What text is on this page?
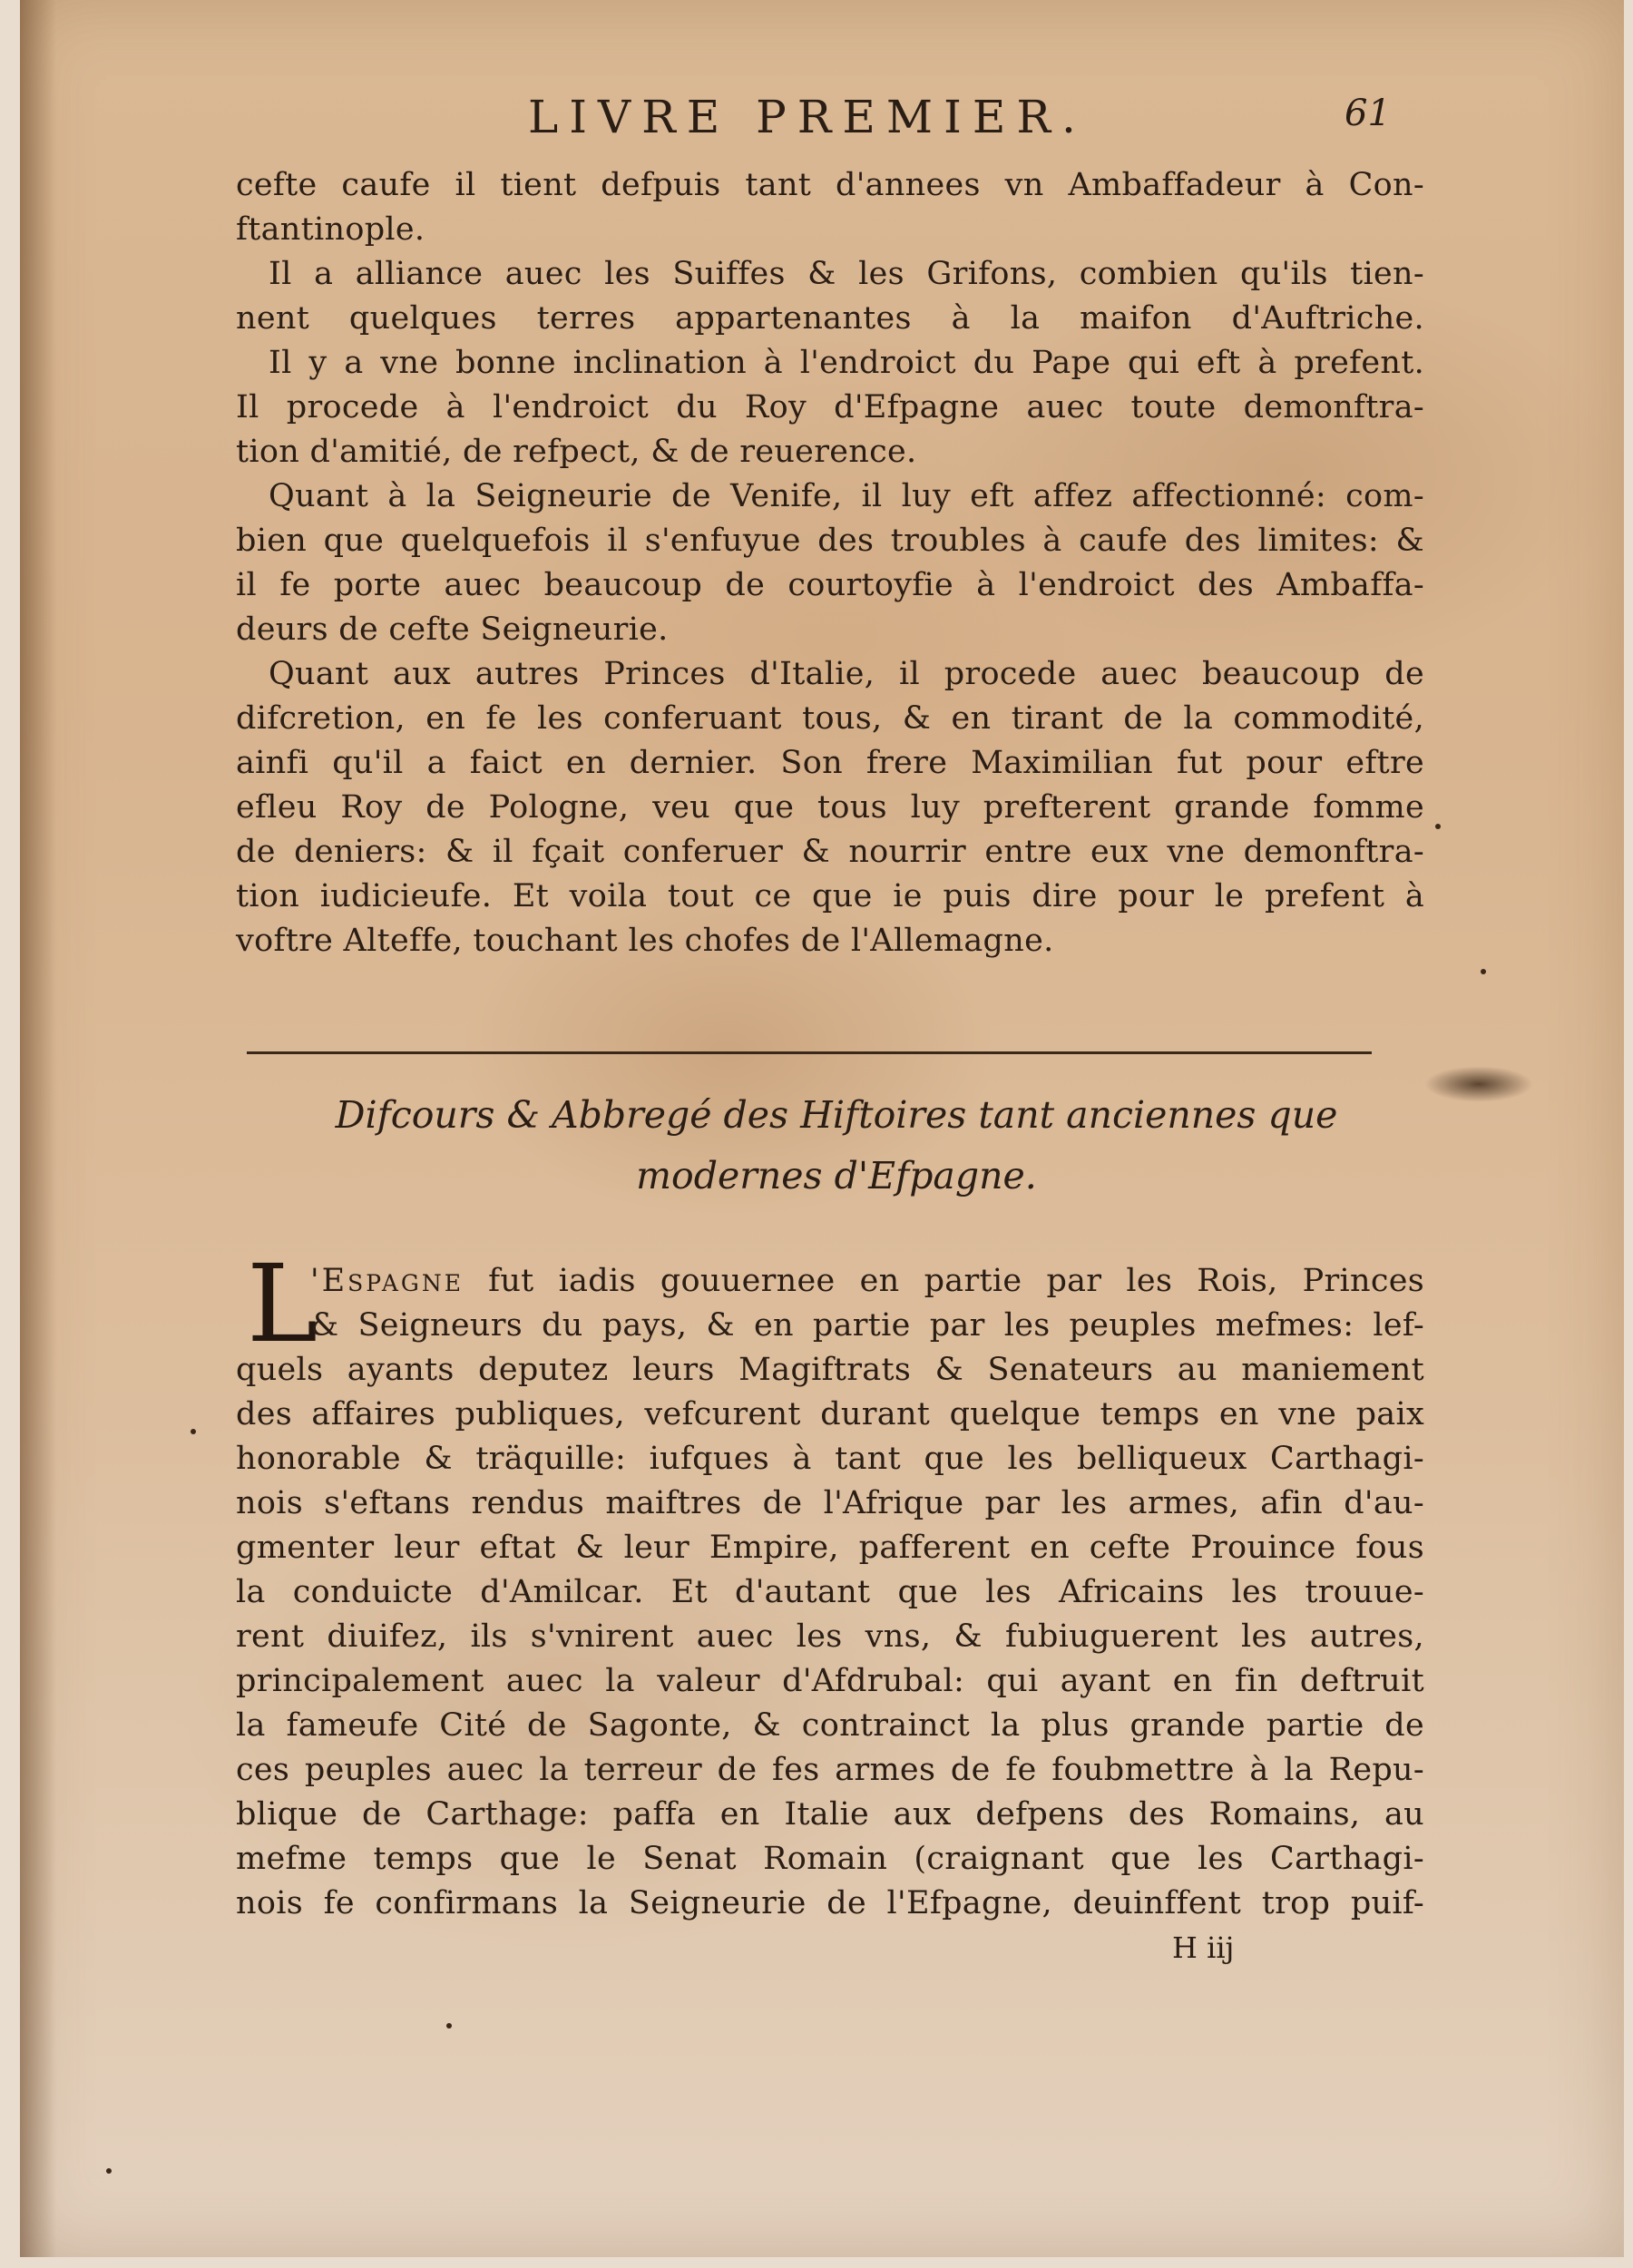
LIVRE PREMIER.	61
cefte caufe il tient defpuis tant d'annees vn Ambaffadeur à Con-
ftantinople.
Il a alliance auec les Suiffes & les Grifons, combien qu'ils tien-
nent quelques terres appartenantes à la maifon d'Auftriche.
Il y a vne bonne inclination à l'endroict du Pape qui eft à prefent.
Il procede à l'endroict du Roy d'Efpagne auec toute demonftra-
tion d'amitié, de refpect, & de reuerence.
Quant à la Seigneurie de Venife, il luy eft affez affectionné: com-
bien que quelquefois il s'enfuyue des troubles à caufe des limites: &
il fe porte auec beaucoup de courtoyfie à l'endroict des Ambaffa-
deurs de cefte Seigneurie.
Quant aux autres Princes d'Italie, il procede auec beaucoup de
difcretion, en fe les conferuant tous, & en tirant de la commodité,
ainfi qu'il a faict en dernier. Son frere Maximilian fut pour eftre
efleu Roy de Pologne, veu que tous luy prefterent grande fomme
de deniers: & il fçait conferuer & nourrir entre eux vne demonftra-
tion iudicieufe. Et voila tout ce que ie puis dire pour le prefent à
voftre Alteffe, touchant les chofes de l'Allemagne.
Difcours & Abbregé des Hiftoires tant anciennes que
modernes d'Efpagne.
L
'Espagne fut iadis gouuernee en partie par les Rois, Princes
& Seigneurs du pays, & en partie par les peuples mefmes: lef-
quels ayants deputez leurs Magiftrats & Senateurs au maniement
des affaires publiques, vefcurent durant quelque temps en vne paix
honorable & träquille: iufques à tant que les belliqueux Carthagi-
nois s'eftans rendus maiftres de l'Afrique par les armes, afin d'au-
gmenter leur eftat & leur Empire, pafferent en cefte Prouince fous
la conduicte d'Amilcar. Et d'autant que les Africains les trouue-
rent diuifez, ils s'vnirent auec les vns, & fubiuguerent les autres,
principalement auec la valeur d'Afdrubal: qui ayant en fin deftruit
la fameufe Cité de Sagonte, & contrainct la plus grande partie de
ces peuples auec la terreur de fes armes de fe foubmettre à la Repu-
blique de Carthage: paffa en Italie aux defpens des Romains, au
mefme temps que le Senat Romain (craignant que les Carthagi-
nois fe confirmans la Seigneurie de l'Efpagne, deuinffent trop puif-
H iij
